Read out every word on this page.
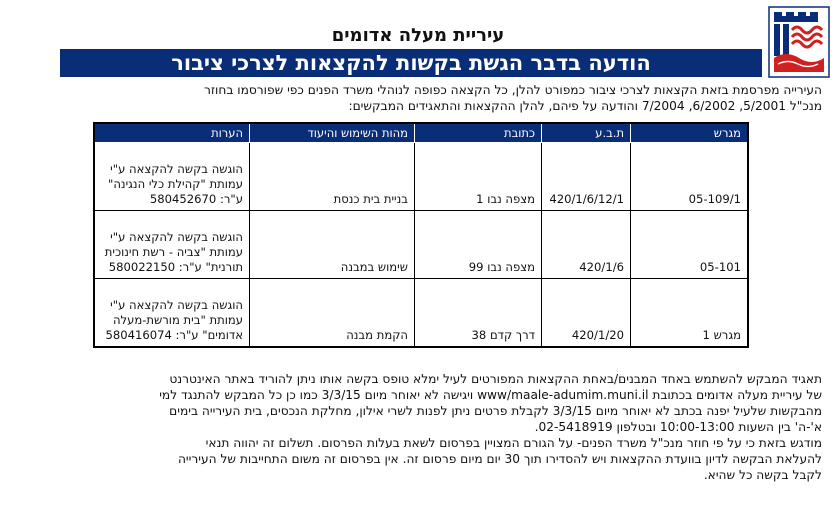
עיריית מעלה אדומים
הודעה בדבר הגשת בקשות להקצאות לצרכי ציבור
העירייה מפרסמת בזאת הקצאות לצרכי ציבור כמפורט להלן, כל הקצאה כפופה לנוהלי משרד הפנים כפי שפורסמו בחוזר
מנכ"ל 5/2001, 6/2002, 7/2004 והודעה על פיהם, להלן ההקצאות והתאגידים המבקשים:
מגרש	ת.ב.ע	כתובת	מהות השימוש והיעוד	הערות
05-109/1	420/1/6/12/1	מצפה נבו 1	בניית בית כנסת	הוגשה בקשה להקצאה ע"י עמותת "קהילת כלי הנגינה" ע"ר: 580452670
05-101	420/1/6	מצפה נבו 99	שימוש במבנה	הוגשה בקשה להקצאה ע"י עמותת "צביה - רשת חינוכית תורנית" ע"ר: 580022150
מגרש 1	420/1/20	דרך קדם 38	הקמת מבנה	הוגשה בקשה להקצאה ע"י עמותת "בית מורשת-מעלה אדומים" ע"ר: 580416074

תאגיד המבקש להשתמש באחד המבנים/באחת ההקצאות המפורטים לעיל ימלא טופס בקשה אותו ניתן להוריד באתר האינטרנט

של עיריית מעלה אדומים בכתובת www/maale-adumim.muni.il ויגישה לא יאוחר מיום 3/3/15 כמו כן כל המבקש להתנגד למי

מהבקשות שלעיל יפנה בכתב לא יאוחר מיום 3/3/15 לקבלת פרטים ניתן לפנות לשרי אילון, מחלקת הנכסים, בית העירייה בימים

א'-ה' בין השעות 10:00-13:00 ובטלפון 02-5418919.

מודגש בזאת כי על פי חוזר מנכ"ל משרד הפנים- על הגורם המצויין בפרסום לשאת בעלות הפרסום. תשלום זה יהווה תנאי

להעלאת הבקשה לדיון בוועדת ההקצאות ויש להסדירו תוך 30 יום מיום פרסום זה. אין בפרסום זה משום התחייבות של העירייה

לקבל בקשה כל שהיא.
